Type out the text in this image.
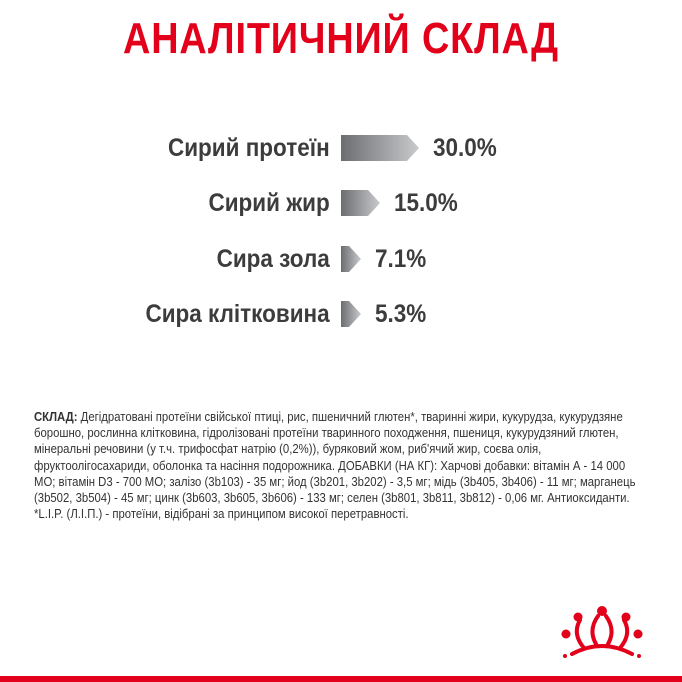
АНАЛІТИЧНИЙ СКЛАД
Сирий протеїн	30.0%
Сирий жир	15.0%
Сира зола 7.1%
Сира клітковина 5.3%
СКЛАД: Дегідратовані протеїни свійської птиці, рис, пшеничний глютен*, тваринні жири, кукурудза, кукурудзяне борошно, рослинна клітковина, гідролізовані протеїни тваринного походження, пшениця, кукурудзяний глютен, мінеральні речовини (у т.ч. трифосфат натрію (0,2%)), буряковий жом, риб'ячий жир, соєва олія, фруктоолігосахариди, оболонка та насіння подорожника. ДОБАВКИ (НА КГ): Харчові добавки: вітамін А - 14 000 МО; вітамін D3 - 700 МО; залізо (3b103) - 35 мг; йод (3b201, 3b202) - 3,5 мг; мідь (3b405, 3b406) - 11 мг; марганець (3b502, 3b504) - 45 мг; цинк (3b603, 3b605, 3b606) - 133 мг; селен (3b801, 3b811, 3b812) - 0,06 мг. Антиоксиданти.
*L.I.P. (Л.І.П.) - протеїни, відібрані за принципом високої перетравності.
